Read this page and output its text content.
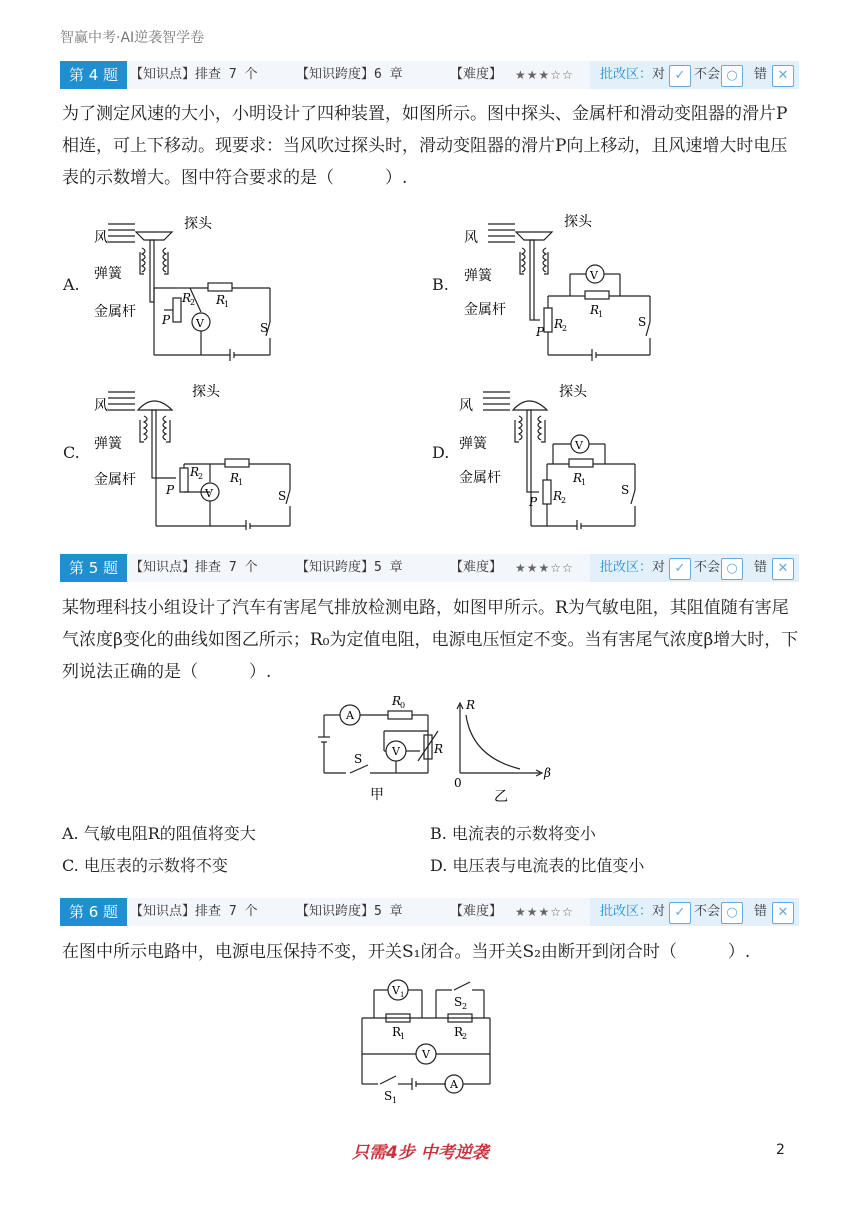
智赢中考·AI逆袭智学卷
第 4 题 【知识点】排查 7 个	【知识跨度】6 章	【难度】 ★★★☆☆ 批改区： 对 ✓ 不会 ○	错 ✕
为了测定风速的大小，小明设计了四种装置，如图所示。图中探头、金属杆和滑动变阻器的滑片P相连，可上下移动。现要求：当风吹过探头时，滑动变阻器的滑片P向上移动，且风速增大时电压表的示数增大。图中符合要求的是（　　　）.
A.	B.
C.	D.
风
探头
弹簧
金属杆 P
R
2 R
1
V	S
风
探头
弹簧
金属杆
P
R
2
R
1
V
S
风
探头
弹簧
金属杆
P
R
2 R
1
V	S
风
探头
弹簧
金属杆
P R
2
R
1
V
S
第 5 题 【知识点】排查 7 个	【知识跨度】5 章	【难度】 ★★★☆☆ 批改区： 对 ✓ 不会 ○	错 ✕
某物理科技小组设计了汽车有害尾气排放检测电路，如图甲所示。R为气敏电阻，其阻值随有害尾气浓度β变化的曲线如图乙所示；R₀为定值电阻，电源电压恒定不变。当有害尾气浓度β增大时，下列说法正确的是（　　　）.
A
R
0
V	R
S
甲	乙
R
β
0
A. 气敏电阻R的阻值将变大	B. 电流表的示数将变小
C. 电压表的示数将不变	D. 电压表与电流表的比值变小
第 6 题 【知识点】排查 7 个	【知识跨度】5 章	【难度】 ★★★☆☆ 批改区： 对 ✓ 不会 ○	错 ✕
在图中所示电路中，电源电压保持不变，开关S₁闭合。当开关S₂由断开到闭合时（　　　）.
V 1	S 2
R
1	R
2
V
S 1
A
只需4步 中考逆袭	2
